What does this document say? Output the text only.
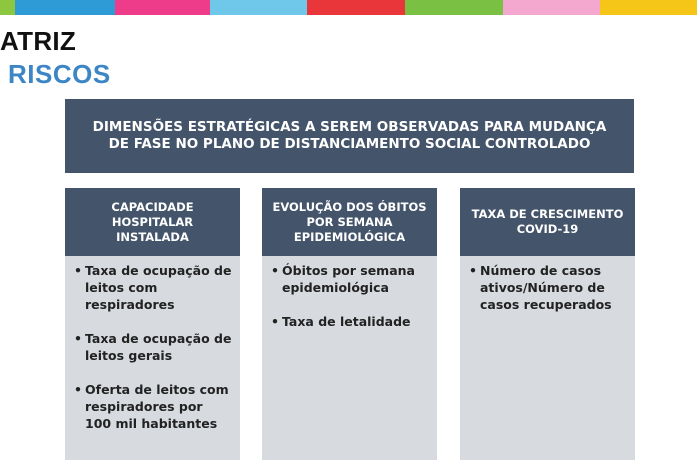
ATRIZ
RISCOS
DIMENSÕES ESTRATÉGICAS A SEREM OBSERVADAS PARA MUDANÇA DE FASE NO PLANO DE DISTANCIAMENTO SOCIAL CONTROLADO
CAPACIDADE HOSPITALAR INSTALADA
• Taxa de ocupação de leitos com respiradores
• Taxa de ocupação de leitos gerais
• Oferta de leitos com respiradores por 100 mil habitantes
EVOLUÇÃO DOS ÓBITOS POR SEMANA EPIDEMIOLÓGICA
• Óbitos por semana epidemiológica
• Taxa de letalidade
TAXA DE CRESCIMENTO COVID-19
• Número de casos ativos/Número de casos recuperados
